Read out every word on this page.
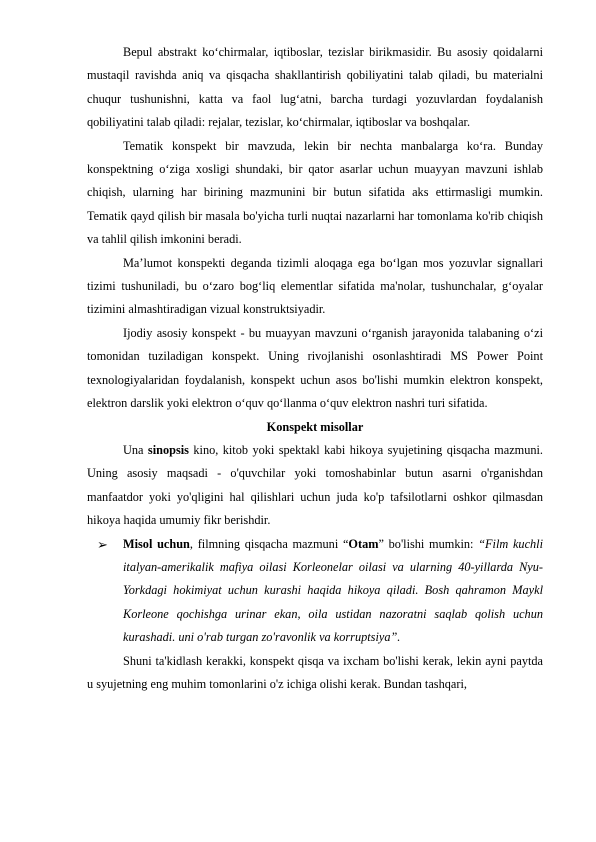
Bepul abstrakt ko‘chirmalar, iqtiboslar, tezislar birikmasidir. Bu asosiy qoidalarni mustaqil ravishda aniq va qisqacha shakllantirish qobiliyatini talab qiladi, bu materialni chuqur tushunishni, katta va faol lug‘atni, barcha turdagi yozuvlardan foydalanish qobiliyatini talab qiladi: rejalar, tezislar, ko‘chirmalar, iqtiboslar va boshqalar.

Tematik konspekt bir mavzuda, lekin bir nechta manbalarga ko‘ra. Bunday konspektning o‘ziga xosligi shundaki, bir qator asarlar uchun muayyan mavzuni ishlab chiqish, ularning har birining mazmunini bir butun sifatida aks ettirmasligi mumkin. Tematik qayd qilish bir masala bo'yicha turli nuqtai nazarlarni har tomonlama ko'rib chiqish va tahlil qilish imkonini beradi.

Ma’lumot konspekti deganda tizimli aloqaga ega bo‘lgan mos yozuvlar signallari tizimi tushuniladi, bu o‘zaro bog‘liq elementlar sifatida ma'nolar, tushunchalar, g‘oyalar tizimini almashtiradigan vizual konstruktsiyadir.

Ijodiy asosiy konspekt - bu muayyan mavzuni o‘rganish jarayonida talabaning o‘zi tomonidan tuziladigan konspekt. Uning rivojlanishi osonlashtiradi MS Power Point texnologiyalaridan foydalanish, konspekt uchun asos bo'lishi mumkin elektron konspekt, elektron darslik yoki elektron o‘quv qo‘llanma o‘quv elektron nashri turi sifatida.

Konspekt misollar

Una sinopsis kino, kitob yoki spektakl kabi hikoya syujetining qisqacha mazmuni. Uning asosiy maqsadi - o'quvchilar yoki tomoshabinlar butun asarni o'rganishdan manfaatdor yoki yo'qligini hal qilishlari uchun juda ko'p tafsilotlarni oshkor qilmasdan hikoya haqida umumiy fikr berishdir.

➢ Misol uchun, filmning qisqacha mazmuni “Otam” bo'lishi mumkin: “Film kuchli italyan-amerikalik mafiya oilasi Korleonelar oilasi va ularning 40-yillarda Nyu-Yorkdagi hokimiyat uchun kurashi haqida hikoya qiladi. Bosh qahramon Maykl Korleone qochishga urinar ekan, oila ustidan nazoratni saqlab qolish uchun kurashadi. uni o'rab turgan zo'ravonlik va korruptsiya”.

Shuni ta'kidlash kerakki, konspekt qisqa va ixcham bo'lishi kerak, lekin ayni paytda u syujetning eng muhim tomonlarini o'z ichiga olishi kerak. Bundan tashqari,
